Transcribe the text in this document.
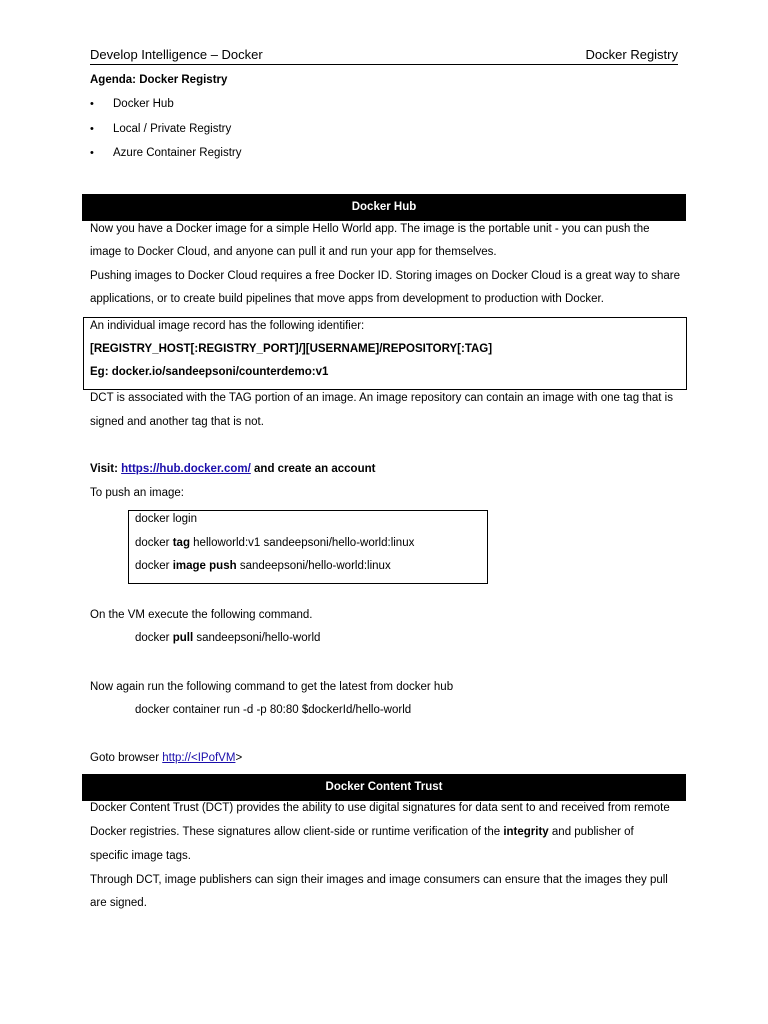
Develop Intelligence – Docker	Docker Registry
Agenda: Docker Registry
• Docker Hub
• Local / Private Registry
• Azure Container Registry
Docker Hub
Now you have a Docker image for a simple Hello World app. The image is the portable unit - you can push the
image to Docker Cloud, and anyone can pull it and run your app for themselves.
Pushing images to Docker Cloud requires a free Docker ID. Storing images on Docker Cloud is a great way to share
applications, or to create build pipelines that move apps from development to production with Docker.
An individual image record has the following identifier:
[REGISTRY_HOST[:REGISTRY_PORT]/][USERNAME]/REPOSITORY[:TAG]
Eg: docker.io/sandeepsoni/counterdemo:v1
DCT is associated with the TAG portion of an image. An image repository can contain an image with one tag that is
signed and another tag that is not.
Visit: https://hub.docker.com/ and create an account
To push an image:
docker login
docker tag helloworld:v1 sandeepsoni/hello-world:linux
docker image push sandeepsoni/hello-world:linux
On the VM execute the following command.
docker pull sandeepsoni/hello-world
Now again run the following command to get the latest from docker hub
docker container run -d -p 80:80 $dockerId/hello-world
Goto browser http://<IPofVM>
Docker Content Trust
Docker Content Trust (DCT) provides the ability to use digital signatures for data sent to and received from remote
Docker registries. These signatures allow client-side or runtime verification of the integrity and publisher of
specific image tags.
Through DCT, image publishers can sign their images and image consumers can ensure that the images they pull
are signed.
